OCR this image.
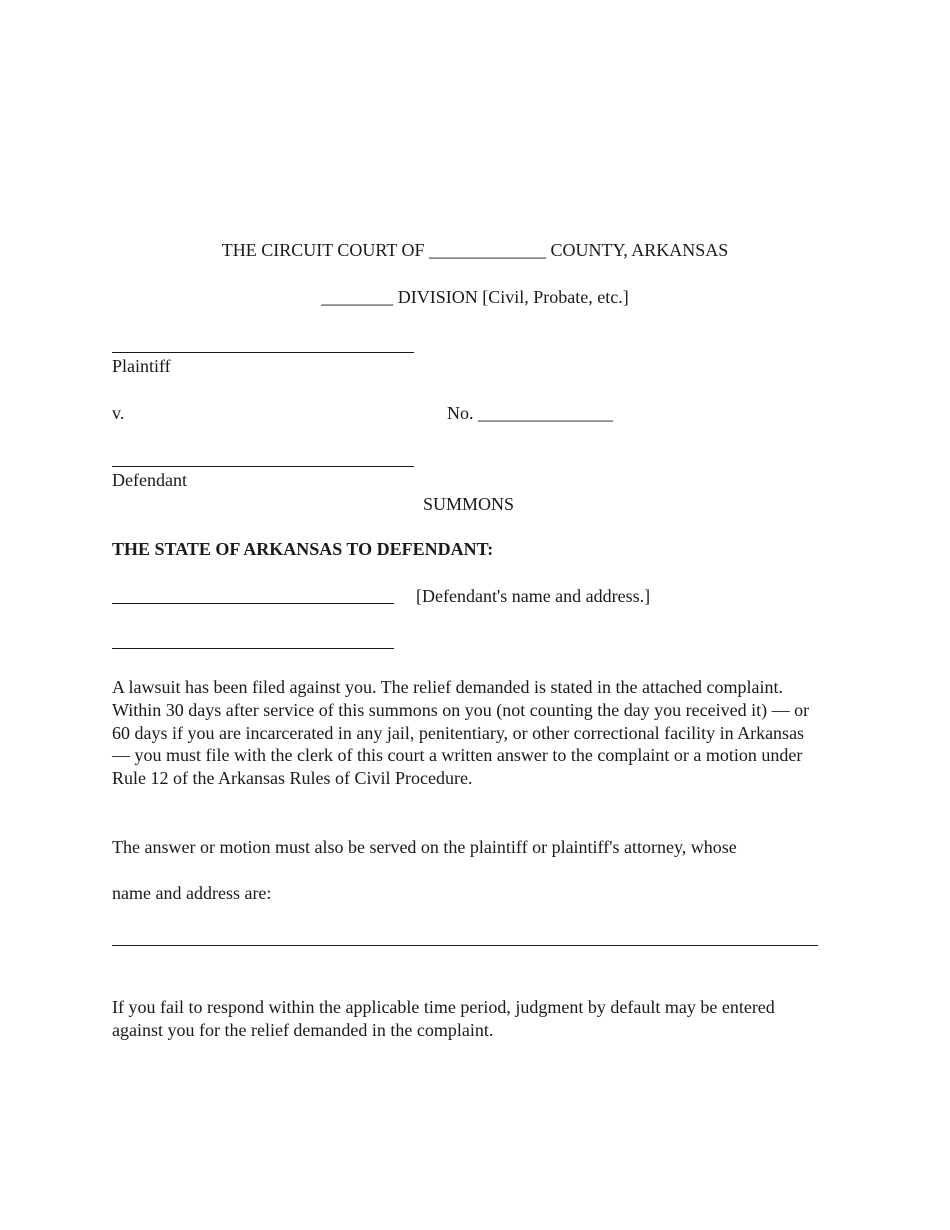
THE CIRCUIT COURT OF _____________ COUNTY, ARKANSAS
________ DIVISION [Civil, Probate, etc.]
Plaintiff
v.	No. _______________
Defendant
SUMMONS
THE STATE OF ARKANSAS TO DEFENDANT:
[Defendant's name and address.]
A lawsuit has been filed against you. The relief demanded is stated in the attached complaint. Within 30 days after service of this summons on you (not counting the day you received it) — or 60 days if you are incarcerated in any jail, penitentiary, or other correctional facility in Arkansas — you must file with the clerk of this court a written answer to the complaint or a motion under Rule 12 of the Arkansas Rules of Civil Procedure.
The answer or motion must also be served on the plaintiff or plaintiff's attorney, whose
name and address are:
If you fail to respond within the applicable time period, judgment by default may be entered against you for the relief demanded in the complaint.
